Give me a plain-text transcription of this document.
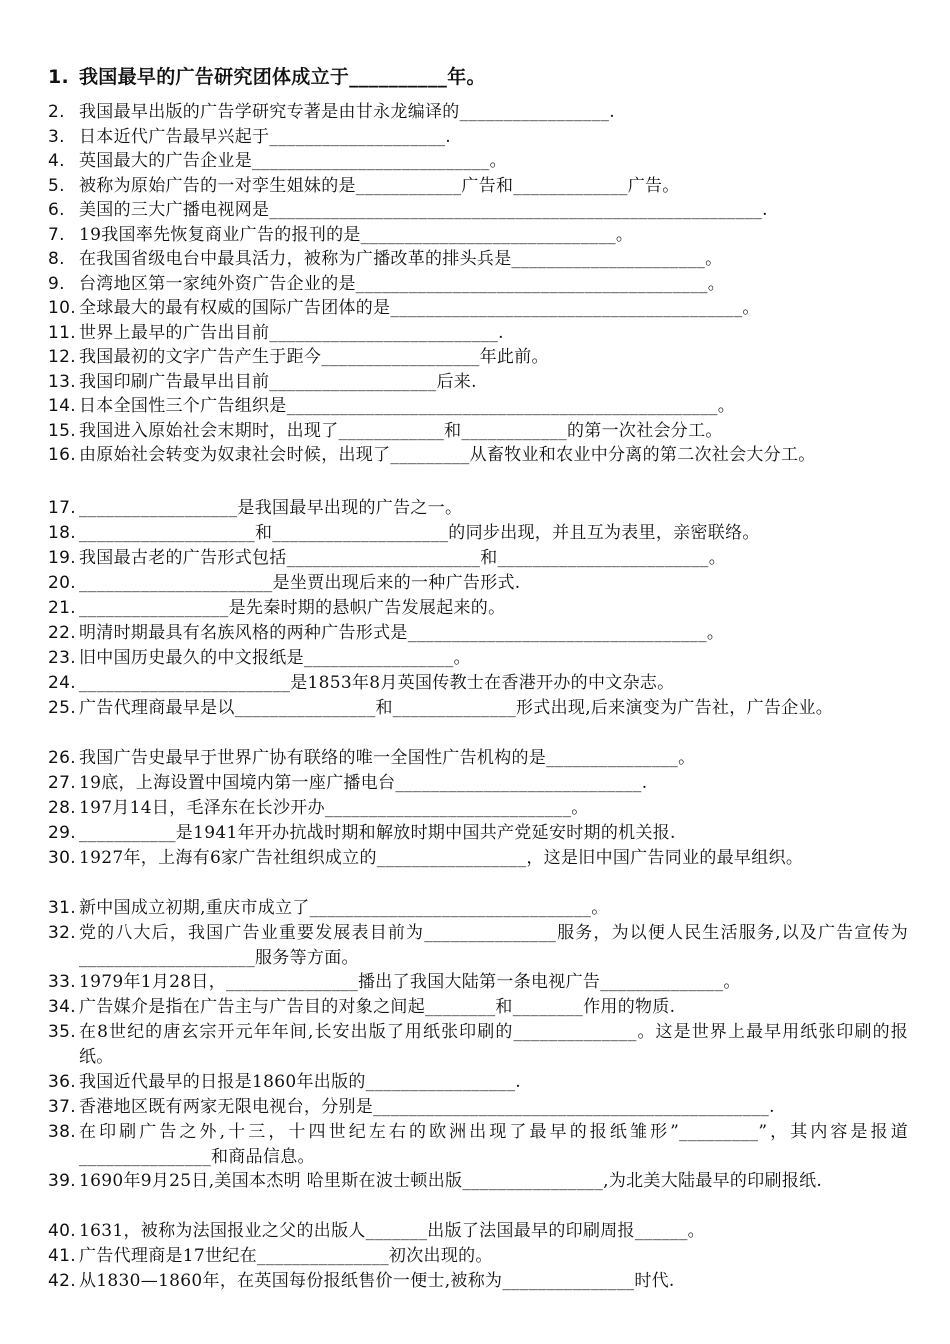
1. 我国最早的广告研究团体成立于__________年。
2. 我国最早出版的广告学研究专著是由甘永龙编译的_________________.
3. 日本近代广告最早兴起于____________________.
4. 英国最大的广告企业是___________________________。
5. 被称为原始广告的一对孪生姐妹的是____________广告和_____________广告。
6. 美国的三大广播电视网是________________________________________________________.
7. 19我国率先恢复商业广告的报刊的是_____________________________。
8. 在我国省级电台中最具活力，被称为广播改革的排头兵是______________________。
9. 台湾地区第一家纯外资广告企业的是________________________________________。
10. 全球最大的最有权威的国际广告团体的是________________________________________。
11. 世界上最早的广告出目前__________________________.
12. 我国最初的文字广告产生于距今__________________年此前。
13. 我国印刷广告最早出目前___________________后来.
14. 日本全国性三个广告组织是_________________________________________________。
15. 我国进入原始社会末期时，出现了____________和____________的第一次社会分工。
16. 由原始社会转变为奴隶社会时候，出现了_________从畜牧业和农业中分离的第二次社会大分工。
17. __________________是我国最早出现的广告之一。
18. ____________________和____________________的同步出现，并且互为表里，亲密联络。
19. 我国最古老的广告形式包括______________________和________________________。
20. ______________________是坐贾出现后来的一种广告形式.
21. _________________是先秦时期的悬帜广告发展起来的。
22. 明清时期最具有名族风格的两种广告形式是__________________________________。
23. 旧中国历史最久的中文报纸是_________________。
24. ________________________是1853年8月英国传教士在香港开办的中文杂志。
25. 广告代理商最早是以________________和______________形式出现,后来演变为广告社，广告企业。
26. 我国广告史最早于世界广协有联络的唯一全国性广告机构的是_______________。
27. 19底，上海设置中国境内第一座广播电台____________________________.
28. 197月14日，毛泽东在长沙开办____________________________。
29. ___________是1941年开办抗战时期和解放时期中国共产党延安时期的机关报.
30. 1927年，上海有6家广告社组织成立的_________________，这是旧中国广告同业的最早组织。
31. 新中国成立初期,重庆市成立了________________________________。
32. 党的八大后，我国广告业重要发展表目前为_______________服务，为以便人民生活服务,以及广告宣传为____________________服务等方面。
33. 1979年1月28日，_______________播出了我国大陆第一条电视广告______________。
34. 广告媒介是指在广告主与广告目的对象之间起________和________作用的物质.
35. 在8世纪的唐玄宗开元年年间,长安出版了用纸张印刷的______________。这是世界上最早用纸张印刷的报纸。
36. 我国近代最早的日报是1860年出版的_________________.
37. 香港地区既有两家无限电视台，分别是_____________________________________________.
38. 在印刷广告之外,十三，十四世纪左右的欧洲出现了最早的报纸雏形”_________”，其内容是报道_______________和商品信息。
39. 1690年9月25日,美国本杰明 哈里斯在波士顿出版________________,为北美大陆最早的印刷报纸.
40. 1631，被称为法国报业之父的出版人_______出版了法国最早的印刷周报______。
41. 广告代理商是17世纪在_______________初次出现的。
42. 从1830—1860年，在英国每份报纸售价一便士,被称为_______________时代.
